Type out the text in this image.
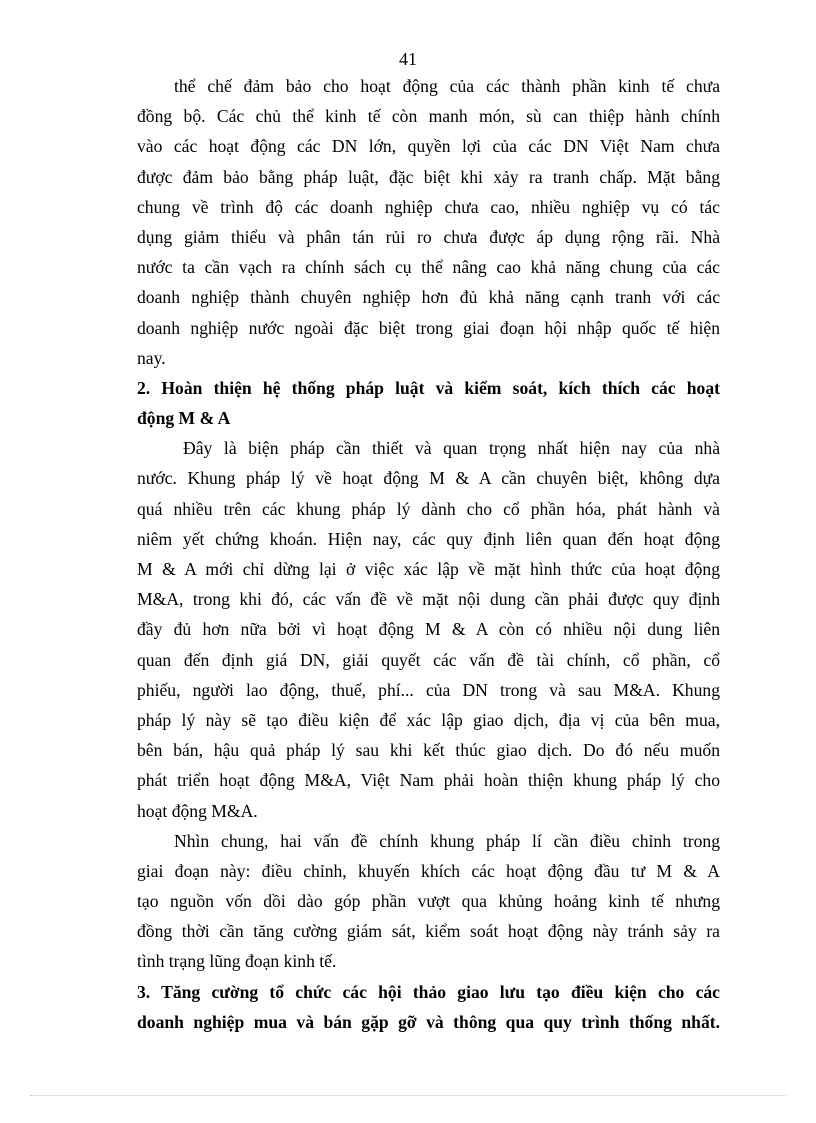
41
thể chế đảm bảo cho hoạt động của các thành phần kinh tế chưa
đồng bộ. Các chủ thể kinh tế còn manh món, sù can thiệp hành chính
vào các hoạt động các DN lớn, quyền lợi của các DN Việt Nam chưa
được đảm bảo bằng pháp luật, đặc biệt khi xảy ra tranh chấp. Mặt bằng
chung về trình độ các doanh nghiệp chưa cao, nhiều nghiệp vụ có tác
dụng giảm thiểu và phân tán rủi ro chưa được áp dụng rộng rãi. Nhà
nước ta cần vạch ra chính sách cụ thể nâng cao khả năng chung của các
doanh nghiệp thành chuyên nghiệp hơn đủ khả năng cạnh tranh với các
doanh nghiệp nước ngoài đặc biệt trong giai đoạn hội nhập quốc tế hiện
nay.
2. Hoàn thiện hệ thống pháp luật và kiểm soát, kích thích các hoạt
động M & A
Đây là biện pháp cần thiết và quan trọng nhất hiện nay của nhà
nước. Khung pháp lý về hoạt động M & A cần chuyên biệt, không dựa
quá nhiều trên các khung pháp lý dành cho cổ phần hóa, phát hành và
niêm yết chứng khoán. Hiện nay, các quy định liên quan đến hoạt động
M & A mới chỉ dừng lại ở việc xác lập về mặt hình thức của hoạt động
M&A, trong khi đó, các vấn đề về mặt nội dung cần phải được quy định
đầy đủ hơn nữa bởi vì hoạt động M & A còn có nhiều nội dung liên
quan đến định giá DN, giải quyết các vấn đề tài chính, cổ phần, cổ
phiếu, người lao động, thuế, phí... của DN trong và sau M&A. Khung
pháp lý này sẽ tạo điều kiện để xác lập giao dịch, địa vị của bên mua,
bên bán, hậu quả pháp lý sau khi kết thúc giao dịch. Do đó nếu muốn
phát triển hoạt động M&A, Việt Nam phải hoàn thiện khung pháp lý cho
hoạt động M&A.
Nhìn chung, hai vấn đề chính khung pháp lí cần điều chỉnh trong
giai đoạn này: điều chỉnh, khuyến khích các hoạt động đầu tư M & A
tạo nguồn vốn dồi dào góp phần vượt qua khủng hoảng kinh tế nhưng
đồng thời cần tăng cường giám sát, kiểm soát hoạt động này tránh sảy ra
tình trạng lũng đoạn kinh tế.
3. Tăng cường tổ chức các hội thảo giao lưu tạo điều kiện cho các
doanh nghiệp mua và bán gặp gỡ và thông qua quy trình thống nhất.
